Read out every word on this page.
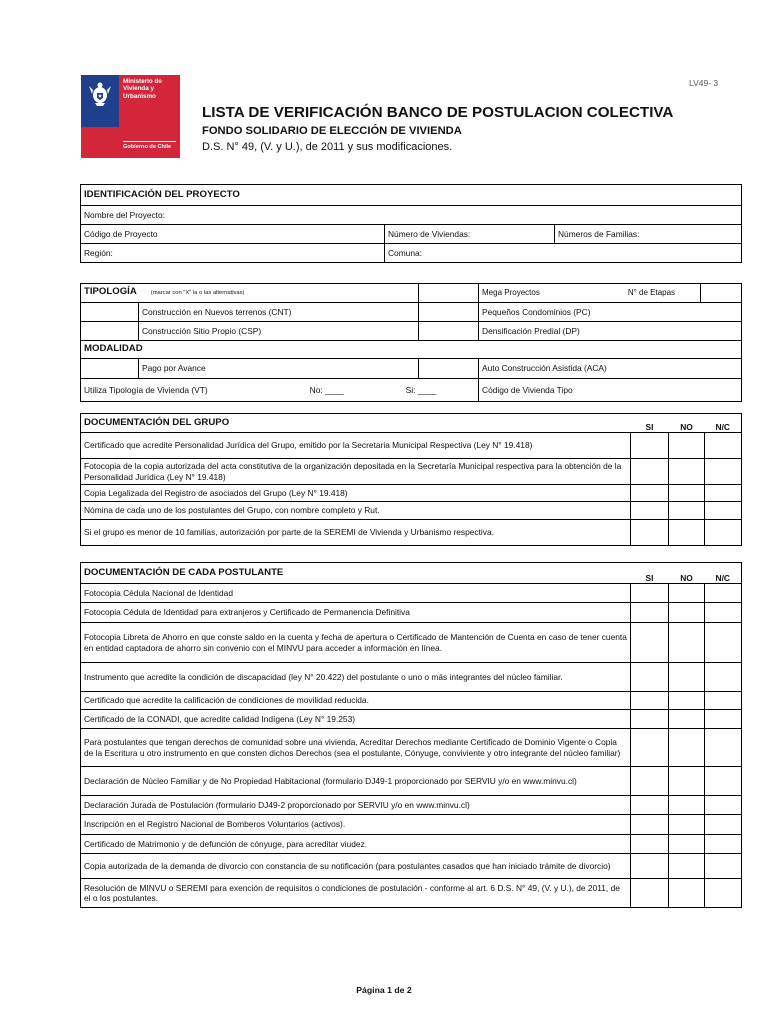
Ministerio de Vivienda y Urbanismo
Gobierno de Chile
LV49- 3
LISTA DE VERIFICACIÓN BANCO DE POSTULACION COLECTIVA
FONDO SOLIDARIO DE ELECCIÓN DE VIVIENDA
D.S. N° 49, (V. y U.), de 2011 y sus modificaciones.
IDENTIFICACIÓN DEL PROYECTO		
Nombre del Proyecto:		
Código de Proyecto	Número de Viviendas:	Números de Familias:
Región:	Comuna:	
TIPOLOGÍA (marcar con "X" la o las alternativas)			Mega Proyectos N° de Etapas	
	Construcción en Nuevos terrenos (CNT)		Pequeños Condominios (PC)	
	Construcción Sitio Propio (CSP)		Densificación Predial (DP)	
MODALIDAD				
	Pago por Avance		Auto Construcción Asistida (ACA)	
Utiliza Tipología de Vivienda (VT) No: ____ Si: ____			Código de Vivienda Tipo	
DOCUMENTACIÓN DEL GRUPO	SI	NO	N/C
Certificado que acredite Personalidad Jurídica del Grupo, emitido por la Secretaria Municipal Respectiva (Ley N° 19.418)			
Fotocopia de la copia autorizada del acta constitutiva de la organización depositada en la Secretaría Municipal respectiva para la obtención de la Personalidad Jurídica (Ley N° 19.418)			
Copia Legalizada del Registro de asociados del Grupo (Ley N° 19.418)			
Nómina de cada uno de los postulantes del Grupo, con nombre completo y Rut.			
Si el grupo es menor de 10 familias, autorización por parte de la SEREMI de Vivienda y Urbanismo respectiva.			
DOCUMENTACIÓN DE CADA POSTULANTE	SI	NO	N/C
Fotocopia Cédula Nacional de Identidad			
Fotocopia Cédula de Identidad para extranjeros y Certificado de Permanencia Definitiva			
Fotocopia Libreta de Ahorro en que conste saldo en la cuenta y fecha de apertura o Certificado de Mantención de Cuenta en caso de tener cuenta en entidad captadora de ahorro sin convenio con el MINVU para acceder a información en línea.			
Instrumento que acredite la condición de discapacidad (ley N° 20.422) del postulante o uno o más integrantes del núcleo familiar.			
Certificado que acredite la calificación de condiciones de movilidad reducida.			
Certificado de la CONADI, que acredite calidad Indígena (Ley N° 19.253)			
Para postulantes que tengan derechos de comunidad sobre una vivienda, Acreditar Derechos mediante Certificado de Dominio Vigente o Copia de la Escritura u otro instrumento en que consten dichos Derechos (sea el postulante, Cónyuge, conviviente y otro integrante del núcleo familiar)			
Declaración de Núcleo Familiar y de No Propiedad Habitacional (formulario DJ49-1 proporcionado por SERVIU y/o en www.minvu.cl)			
Declaración Jurada de Postulación (formulario DJ49-2 proporcionado por SERVIU y/o en www.minvu.cl)			
Inscripción en el Registro Nacional de Bomberos Voluntarios (activos).			
Certificado de Matrimonio y de defunción de cónyuge, para acreditar viudez.			
Copia autorizada de la demanda de divorcio con constancia de su notificación (para postulantes casados que han iniciado trámite de divorcio)			
Resolución de MINVU o SEREMI para exención de requisitos o condiciones de postulación - conforme al art. 6 D.S. N° 49, (V. y U.), de 2011, de el o los postulantes.			
Página 1 de 2
